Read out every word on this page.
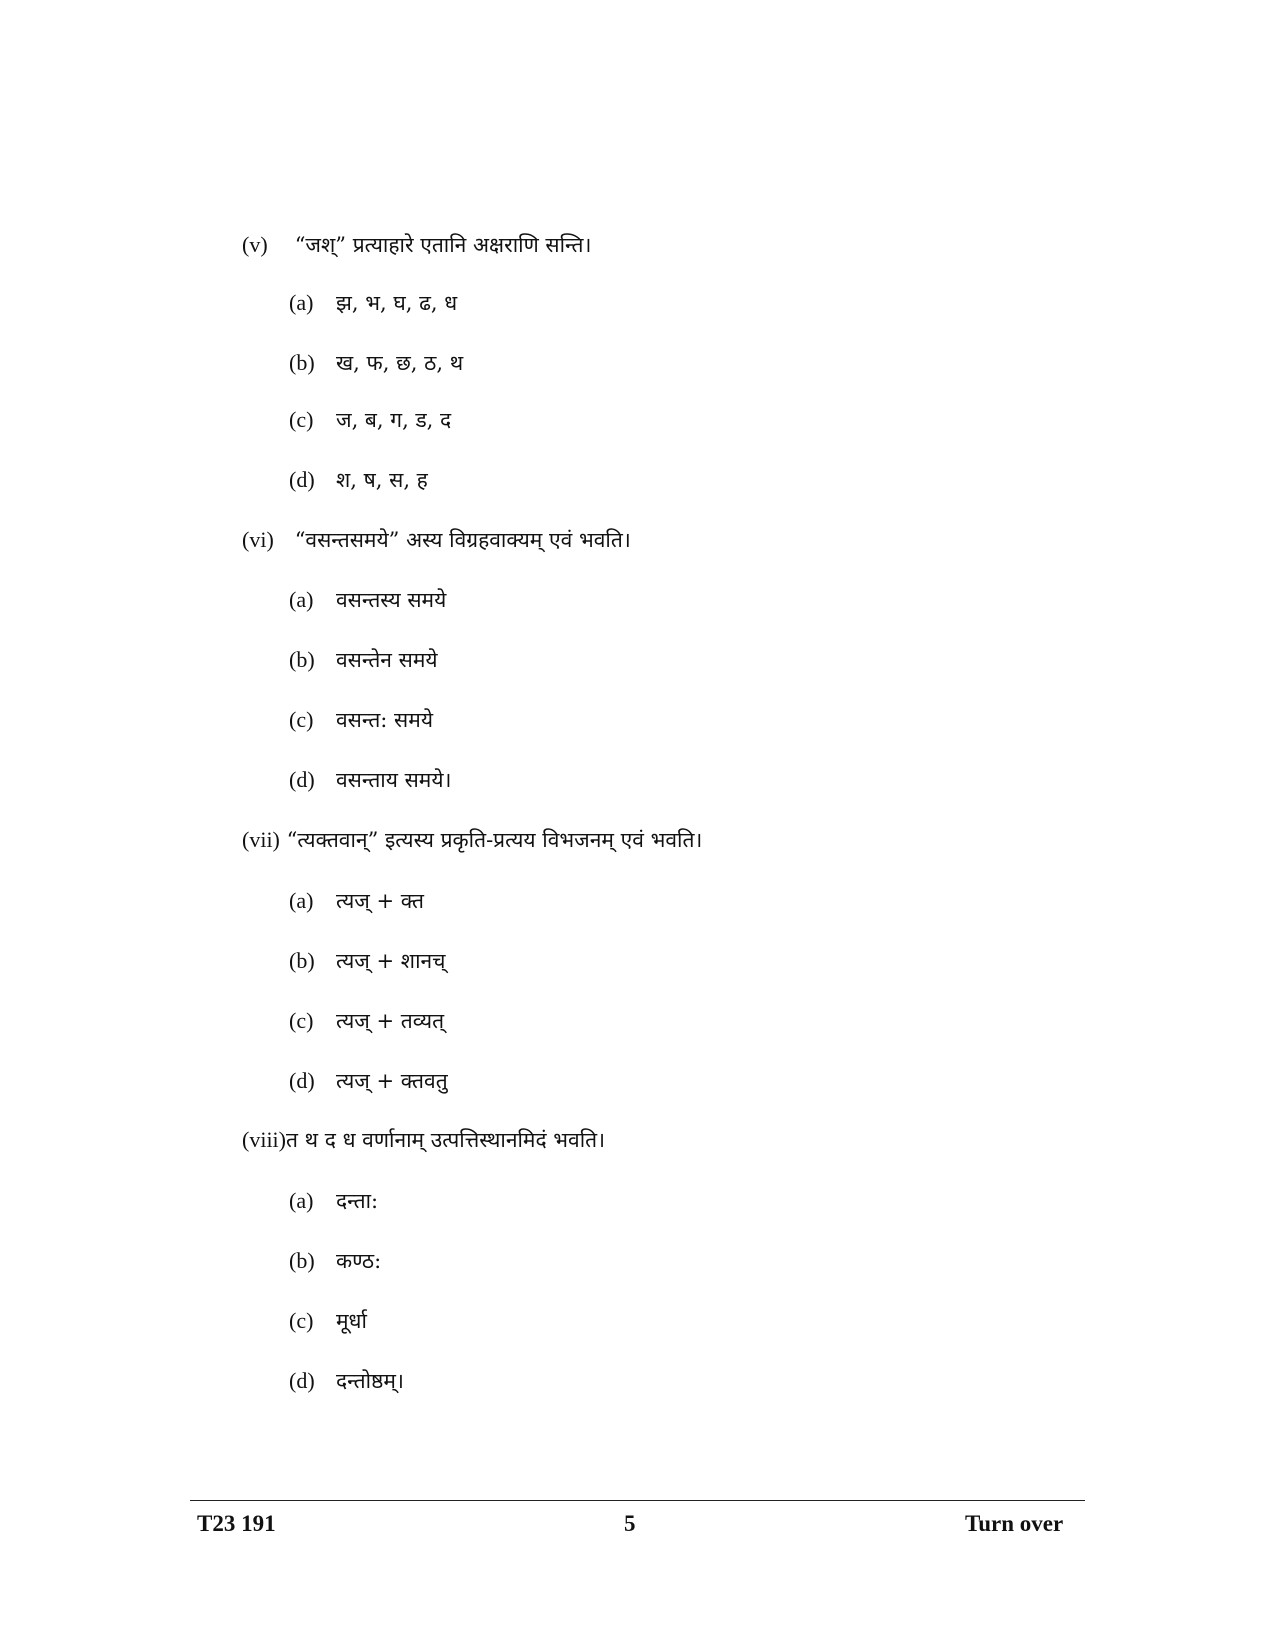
(v) “जश्” प्रत्याहारे एतानि अक्षराणि सन्ति।
(a) झ, भ, घ, ढ, ध
(b) ख, फ, छ, ठ, थ
(c) ज, ब, ग, ड, द
(d) श, ष, स, ह
(vi) “वसन्तसमये” अस्य विग्रहवाक्यम् एवं भवति।
(a) वसन्तस्य समये
(b) वसन्तेन समये
(c) वसन्त: समये
(d) वसन्ताय समये।
(vii) “त्यक्तवान्” इत्यस्य प्रकृति-प्रत्यय विभजनम् एवं भवति।
(a) त्यज् + क्त
(b) त्यज् + शानच्
(c) त्यज् + तव्यत्
(d) त्यज् + क्तवतु
(viii)त थ द ध वर्णानाम् उत्पत्तिस्थानमिदं भवति।
(a) दन्ता:
(b) कण्ठ:
(c) मूर्धा
(d) दन्तोष्ठम्।
T23 191	5	Turn over
